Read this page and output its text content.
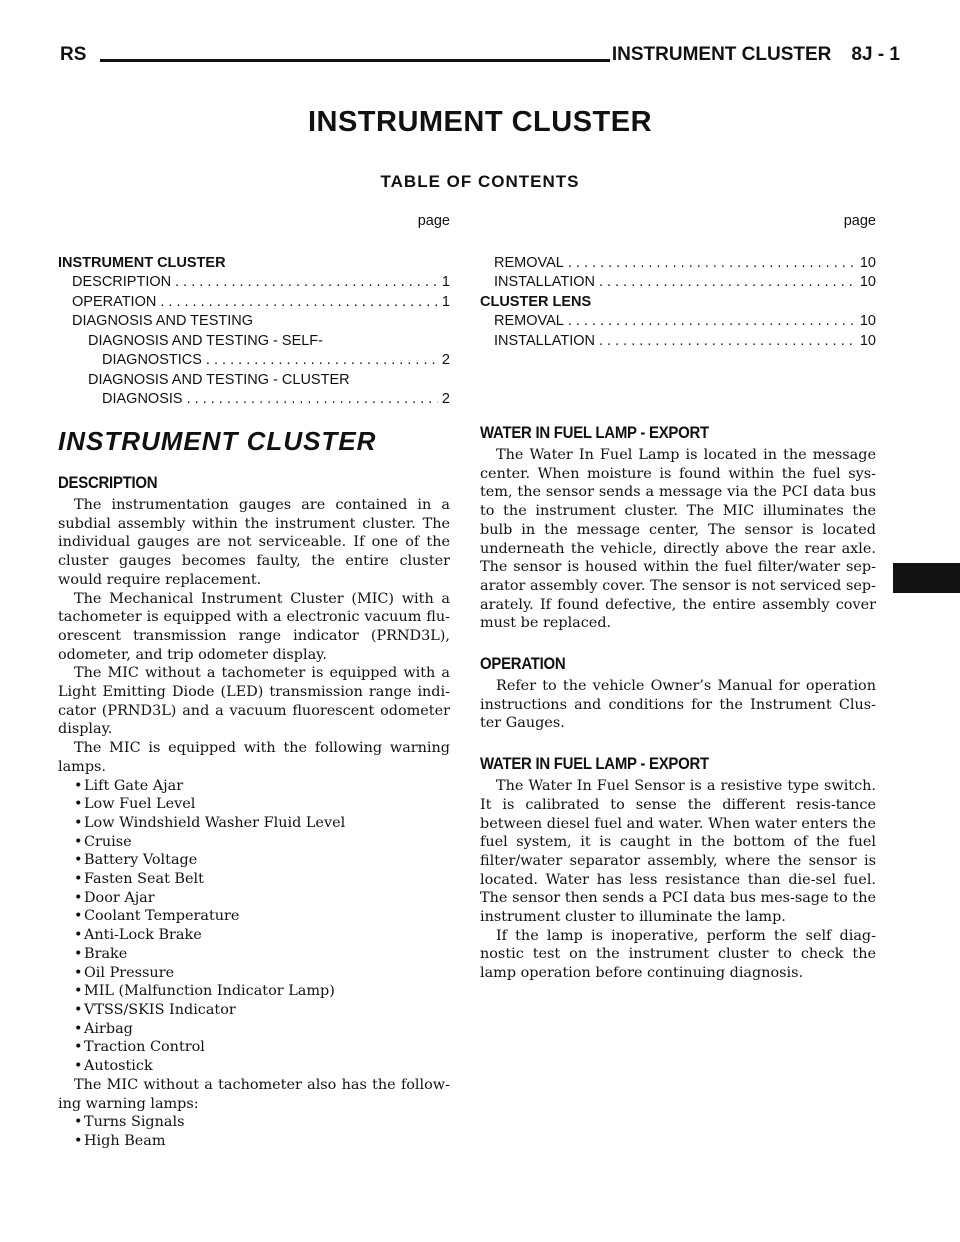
RS	INSTRUMENT CLUSTER 8J - 1
INSTRUMENT CLUSTER
TABLE OF CONTENTS
page
INSTRUMENT CLUSTER
DESCRIPTION . . .	1
OPERATION . . .	1
DIAGNOSIS AND TESTING
DIAGNOSIS AND TESTING - SELF-
DIAGNOSTICS . . .	2
DIAGNOSIS AND TESTING - CLUSTER
DIAGNOSIS . . .	2
page
REMOVAL . . .	10
INSTALLATION . . .	10
CLUSTER LENS
REMOVAL . . .	10
INSTALLATION . . .	10
INSTRUMENT CLUSTER
DESCRIPTION

The instrumentation gauges are contained in a subdial assembly within the instrument cluster. The individual gauges are not serviceable. If one of the cluster gauges becomes faulty, the entire cluster would require replacement.

The Mechanical Instrument Cluster (MIC) with a tachometer is equipped with a electronic vacuum flu-orescent transmission range indicator (PRND3L), odometer, and trip odometer display.

The MIC without a tachometer is equipped with a Light Emitting Diode (LED) transmission range indi-cator (PRND3L) and a vacuum fluorescent odometer display.

The MIC is equipped with the following warning lamps.

• Lift Gate Ajar
• Low Fuel Level
• Low Windshield Washer Fluid Level
• Cruise
• Battery Voltage
• Fasten Seat Belt
• Door Ajar
• Coolant Temperature
• Anti-Lock Brake
• Brake
• Oil Pressure
• MIL (Malfunction Indicator Lamp)
• VTSS/SKIS Indicator
• Airbag
• Traction Control
• Autostick

The MIC without a tachometer also has the follow-ing warning lamps:

• Turns Signals
• High Beam
WATER IN FUEL LAMP - EXPORT

The Water In Fuel Lamp is located in the message center. When moisture is found within the fuel sys-tem, the sensor sends a message via the PCI data bus to the instrument cluster. The MIC illuminates the bulb in the message center, The sensor is located underneath the vehicle, directly above the rear axle. The sensor is housed within the fuel filter/water sep-arator assembly cover. The sensor is not serviced sep-arately. If found defective, the entire assembly cover must be replaced.

OPERATION

Refer to the vehicle Owner’s Manual for operation instructions and conditions for the Instrument Clus-ter Gauges.

WATER IN FUEL LAMP - EXPORT

The Water In Fuel Sensor is a resistive type switch. It is calibrated to sense the different resis-tance between diesel fuel and water. When water enters the fuel system, it is caught in the bottom of the fuel filter/water separator assembly, where the sensor is located. Water has less resistance than die-sel fuel. The sensor then sends a PCI data bus mes-sage to the instrument cluster to illuminate the lamp.

If the lamp is inoperative, perform the self diag-nostic test on the instrument cluster to check the lamp operation before continuing diagnosis.
